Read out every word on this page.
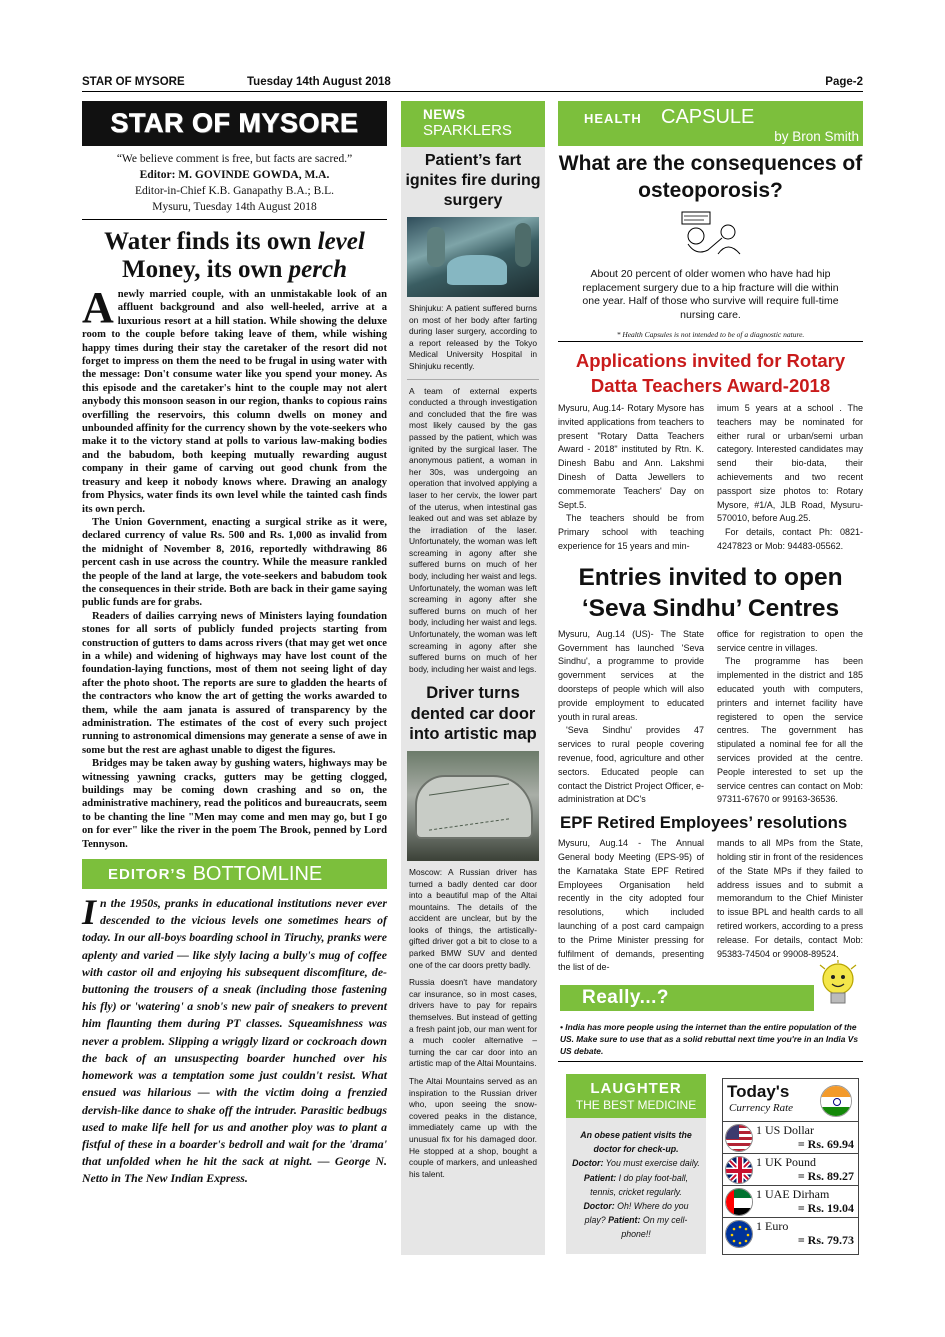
STAR OF MYSORE	Tuesday 14th August 2018	Page-2
STAR OF MYSORE
“We believe comment is free, but facts are sacred.”
Editor: M. GOVINDE GOWDA, M.A.
Editor-in-Chief K.B. Ganapathy B.A.; B.L.
Mysuru, Tuesday 14th August 2018
Water finds its own level
Money, its own perch

Anewly married couple, with an unmistakable look of an affluent background and also well-heeled, arrive at a luxurious resort at a hill station. While showing the deluxe room to the couple before taking leave of them, while wishing happy times during their stay the caretaker of the resort did not forget to impress on them the need to be frugal in using water with the message: Don't consume water like you spend your money. As this episode and the caretaker's hint to the couple may not alert anybody this monsoon season in our region, thanks to copious rains overfilling the reservoirs, this column dwells on money and unbounded affinity for the currency shown by the vote-seekers who make it to the victory stand at polls to various law-making bodies and the babudom, both keeping mutually rewarding august company in their game of carving out good chunk from the treasury and keep it nobody knows where. Drawing an analogy from Physics, water finds its own level while the tainted cash finds its own perch.

The Union Government, enacting a surgical strike as it were, declared currency of value Rs. 500 and Rs. 1,000 as invalid from the midnight of November 8, 2016, reportedly withdrawing 86 percent cash in use across the country. While the measure rankled the people of the land at large, the vote-seekers and babudom took the consequences in their stride. Both are back in their game saying public funds are for grabs.

Readers of dailies carrying news of Ministers laying foundation stones for all sorts of publicly funded projects starting from construction of gutters to dams across rivers (that may get wet once in a while) and widening of highways may have lost count of the foundation-laying functions, most of them not seeing light of day after the photo shoot. The reports are sure to gladden the hearts of the contractors who know the art of getting the works awarded to them, while the aam janata is assured of transparency by the administration. The estimates of the cost of every such project running to astronomical dimensions may generate a sense of awe in some but the rest are aghast unable to digest the figures.

Bridges may be taken away by gushing waters, highways may be witnessing yawning cracks, gutters may be getting clogged, buildings may be coming down crashing and so on, the administrative machinery, read the politicos and bureaucrats, seem to be chanting the line "Men may come and men may go, but I go on for ever" like the river in the poem The Brook, penned by Lord Tennyson.

EDITOR’S BOTTOMLINE
In the 1950s, pranks in educational institutions never ever descended to the vicious levels one sometimes hears of today. In our all-boys boarding school in Tiruchy, pranks were aplenty and varied — like slyly lacing a bully's mug of coffee with castor oil and enjoying his subsequent discomfiture, de-buttoning the trousers of a sneak (including those fastening his fly) or 'watering' a snob's new pair of sneakers to prevent him flaunting them during PT classes. Squeamishness was never a problem. Slipping a wriggly lizard or cockroach down the back of an unsuspecting boarder hunched over his homework was a temptation some just couldn't resist. What ensued was hilarious — with the victim doing a frenzied dervish-like dance to shake off the intruder. Parasitic bedbugs used to make life hell for us and another ploy was to plant a fistful of these in a boarder's bedroll and wait for the 'drama' that unfolded when he hit the sack at night. — George N. Netto in The New Indian Express.
NEWS
SPARKLERS
Patient’s fart ignites fire during surgery

Shinjuku: A patient suffered burns on most of her body after farting during laser surgery, according to a report released by the Tokyo Medical University Hospital in Shinjuku recently.

A team of external experts conducted a through investigation and concluded that the fire was most likely caused by the gas passed by the patient, which was ignited by the surgical laser. The anonymous patient, a woman in her 30s, was undergoing an operation that involved applying a laser to her cervix, the lower part of the uterus, when intestinal gas leaked out and was set ablaze by the irradiation of the laser. Unfortunately, the woman was left screaming in agony after she suffered burns on much of her body, including her waist and legs. Unfortunately, the woman was left screaming in agony after she suffered burns on much of her body, including her waist and legs. Unfortunately, the woman was left screaming in agony after she suffered burns on much of her body, including her waist and legs.

Driver turns dented car door into artistic map

Moscow: A Russian driver has turned a badly dented car door into a beautiful map of the Altai mountains. The details of the accident are unclear, but by the looks of things, the artistically-gifted driver got a bit to close to a parked BMW SUV and dented one of the car doors pretty badly.

Russia doesn't have mandatory car insurance, so in most cases, drivers have to pay for repairs themselves. But instead of getting a fresh paint job, our man went for a much cooler alternative – turning the car car door into an artistic map of the Altai Mountains.

The Altai Mountains served as an inspiration to the Russian driver who, upon seeing the snow-covered peaks in the distance, immediately came up with the unusual fix for his damaged door. He stopped at a shop, bought a couple of markers, and unleashed his talent.

HEALTH CAPSULE
by Bron Smith
What are the consequences of osteoporosis?
About 20 percent of older women who have had hip replacement surgery due to a hip fracture will die within one year. Half of those who survive will require full-time nursing care.
* Health Capsules is not intended to be of a diagnostic nature.
Applications invited for Rotary Datta Teachers Award-2018

Mysuru, Aug.14- Rotary Mysore has invited applications from teachers to present "Rotary Datta Teachers Award - 2018" instituted by Rtn. K. Dinesh Babu and Ann. Lakshmi Dinesh of Datta Jewellers to commemorate Teachers' Day on Sept.5.

The teachers should be from Primary school with teaching experience for 15 years and min-

imum 5 years at a school . The teachers may be nominated for either rural or urban/semi urban category. Interested candidates may send their bio-data, their achievements and two recent passport size photos to: Rotary Mysore, #1/A, JLB Road, Mysuru- 570010, before Aug.25.

For details, contact Ph: 0821-4247823 or Mob: 94483-05562.

Entries invited to open ‘Seva Sindhu’ Centres

Mysuru, Aug.14 (US)- The State Government has launched 'Seva Sindhu', a programme to provide government services at the doorsteps of people which will also provide employment to educated youth in rural areas.

'Seva Sindhu' provides 47 services to rural people covering revenue, food, agriculture and other sectors. Educated people can contact the District Project Officer, e-administration at DC's

office for registration to open the service centre in villages.

The programme has been implemented in the district and 185 educated youth with computers, printers and internet facility have registered to open the service centres. The government has stipulated a nominal fee for all the services provided at the centre. People interested to set up the service centres can contact on Mob: 97311-67670 or 99163-36536.

EPF Retired Employees’ resolutions

Mysuru, Aug.14 - The Annual General body Meeting (EPS-95) of the Karnataka State EPF Retired Employees Organisation held recently in the city adopted four resolutions, which included launching of a post card campaign to the Prime Minister pressing for fulfilment of demands, presenting the list of de-

mands to all MPs from the State, holding stir in front of the residences of the State MPs if they failed to address issues and to submit a memorandum to the Chief Minister to issue BPL and health cards to all retired workers, according to a press release. For details, contact Mob: 95383-74504 or 99008-89524.

Really...?
• India has more people using the internet than the entire population of the US. Make sure to use that as a solid rebuttal next time you're in an India Vs US debate.
LAUGHTER
THE BEST MEDICINE
An obese patient visits the doctor for check-up.
Doctor: You must exercise daily. Patient: I do play foot-ball, tennis, cricket regularly.
Doctor: Oh! Where do you play? Patient: On my cell-phone!!
Today's
Currency Rate
1 US Dollar
= Rs. 69.94
1 UK Pound
= Rs. 89.27
1 UAE Dirham
= Rs. 19.04
1 Euro
= Rs. 79.73
